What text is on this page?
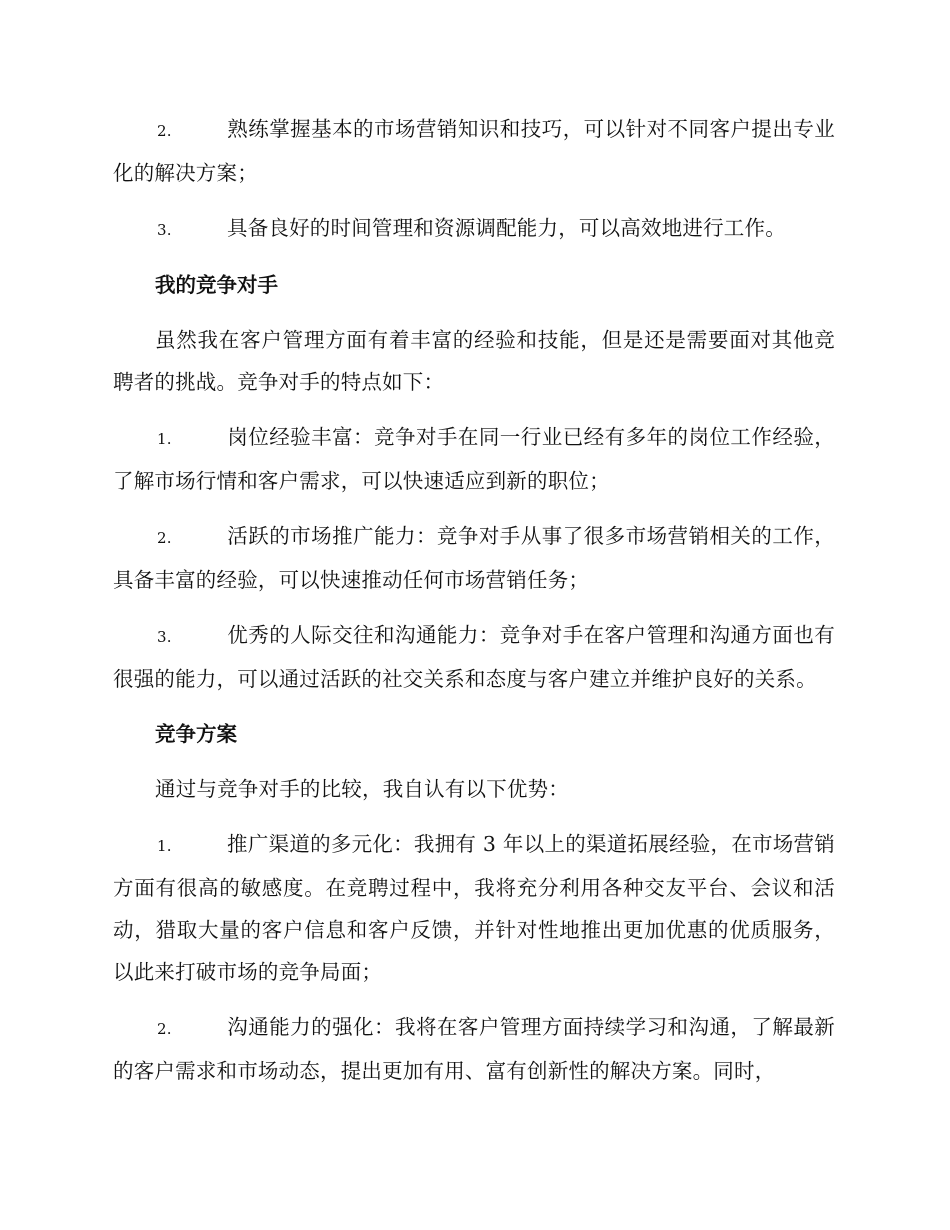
2.	熟练掌握基本的市场营销知识和技巧，可以针对不同客户提出专业化的解决方案；

3.	具备良好的时间管理和资源调配能力，可以高效地进行工作。

我的竞争对手

虽然我在客户管理方面有着丰富的经验和技能，但是还是需要面对其他竞聘者的挑战。竞争对手的特点如下：

1.	岗位经验丰富：竞争对手在同一行业已经有多年的岗位工作经验，了解市场行情和客户需求，可以快速适应到新的职位；

2.	活跃的市场推广能力：竞争对手从事了很多市场营销相关的工作，具备丰富的经验，可以快速推动任何市场营销任务；

3.	优秀的人际交往和沟通能力：竞争对手在客户管理和沟通方面也有很强的能力，可以通过活跃的社交关系和态度与客户建立并维护良好的关系。

竞争方案

通过与竞争对手的比较，我自认有以下优势：

1.	推广渠道的多元化：我拥有 3 年以上的渠道拓展经验，在市场营销方面有很高的敏感度。在竞聘过程中，我将充分利用各种交友平台、会议和活动，猎取大量的客户信息和客户反馈，并针对性地推出更加优惠的优质服务，以此来打破市场的竞争局面；

2.	沟通能力的强化：我将在客户管理方面持续学习和沟通，了解最新的客户需求和市场动态，提出更加有用、富有创新性的解决方案。同时，
